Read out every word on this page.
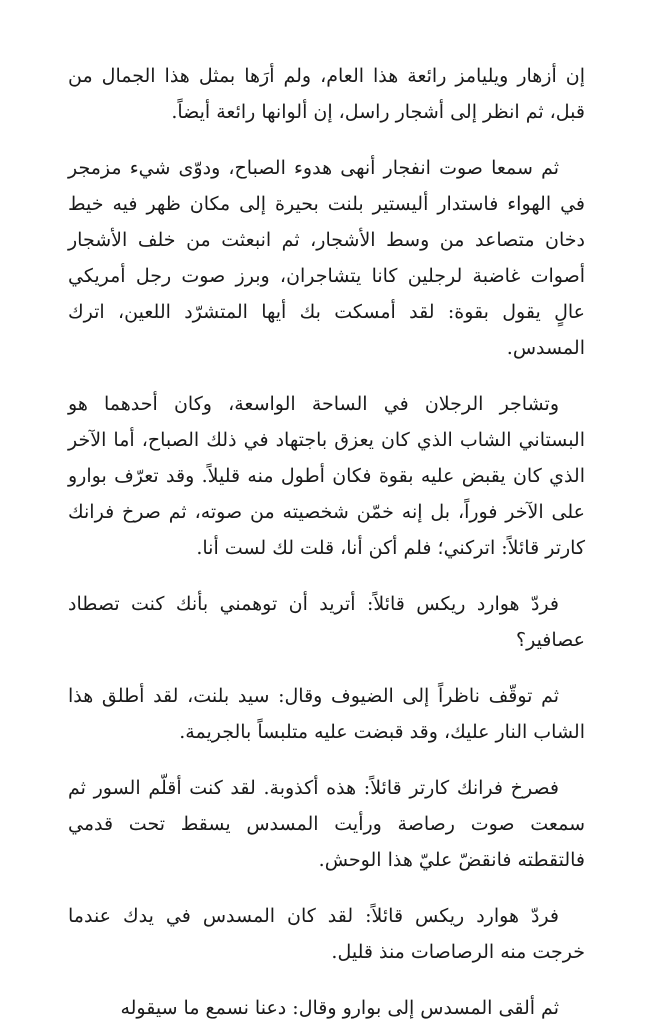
إن أزهار ويليامز رائعة هذا العام، ولم أرَها بمثل هذا الجمال من قبل، ثم انظر إلى أشجار راسل، إن ألوانها رائعة أيضاً.

ثم سمعا صوت انفجار أنهى هدوء الصباح، ودوّى شيء مزمجر في الهواء فاستدار أليستير بلنت بحيرة إلى مكان ظهر فيه خيط دخان متصاعد من وسط الأشجار، ثم انبعثت من خلف الأشجار أصوات غاضبة لرجلين كانا يتشاجران، وبرز صوت رجل أمريكي عالٍ يقول بقوة: لقد أمسكت بك أيها المتشرّد اللعين، اترك المسدس.

وتشاجر الرجلان في الساحة الواسعة، وكان أحدهما هو البستاني الشاب الذي كان يعزق باجتهاد في ذلك الصباح، أما الآخر الذي كان يقبض عليه بقوة فكان أطول منه قليلاً. وقد تعرّف بوارو على الآخر فوراً، بل إنه خمّن شخصيته من صوته، ثم صرخ فرانك كارتر قائلاً: اتركني؛ فلم أكن أنا، قلت لك لست أنا.

فردّ هوارد ريكس قائلاً: أتريد أن توهمني بأنك كنت تصطاد عصافير؟

ثم توقّف ناظراً إلى الضيوف وقال: سيد بلنت، لقد أطلق هذا الشاب النار عليك، وقد قبضت عليه متلبساً بالجريمة.

فصرخ فرانك كارتر قائلاً: هذه أكذوبة. لقد كنت أقلّم السور ثم سمعت صوت رصاصة ورأيت المسدس يسقط تحت قدمي فالتقطته فانقضّ عليّ هذا الوحش.

فردّ هوارد ريكس قائلاً: لقد كان المسدس في يدك عندما خرجت منه الرصاصات منذ قليل.

ثم ألقى المسدس إلى بوارو وقال: دعنا نسمع ما سيقوله
